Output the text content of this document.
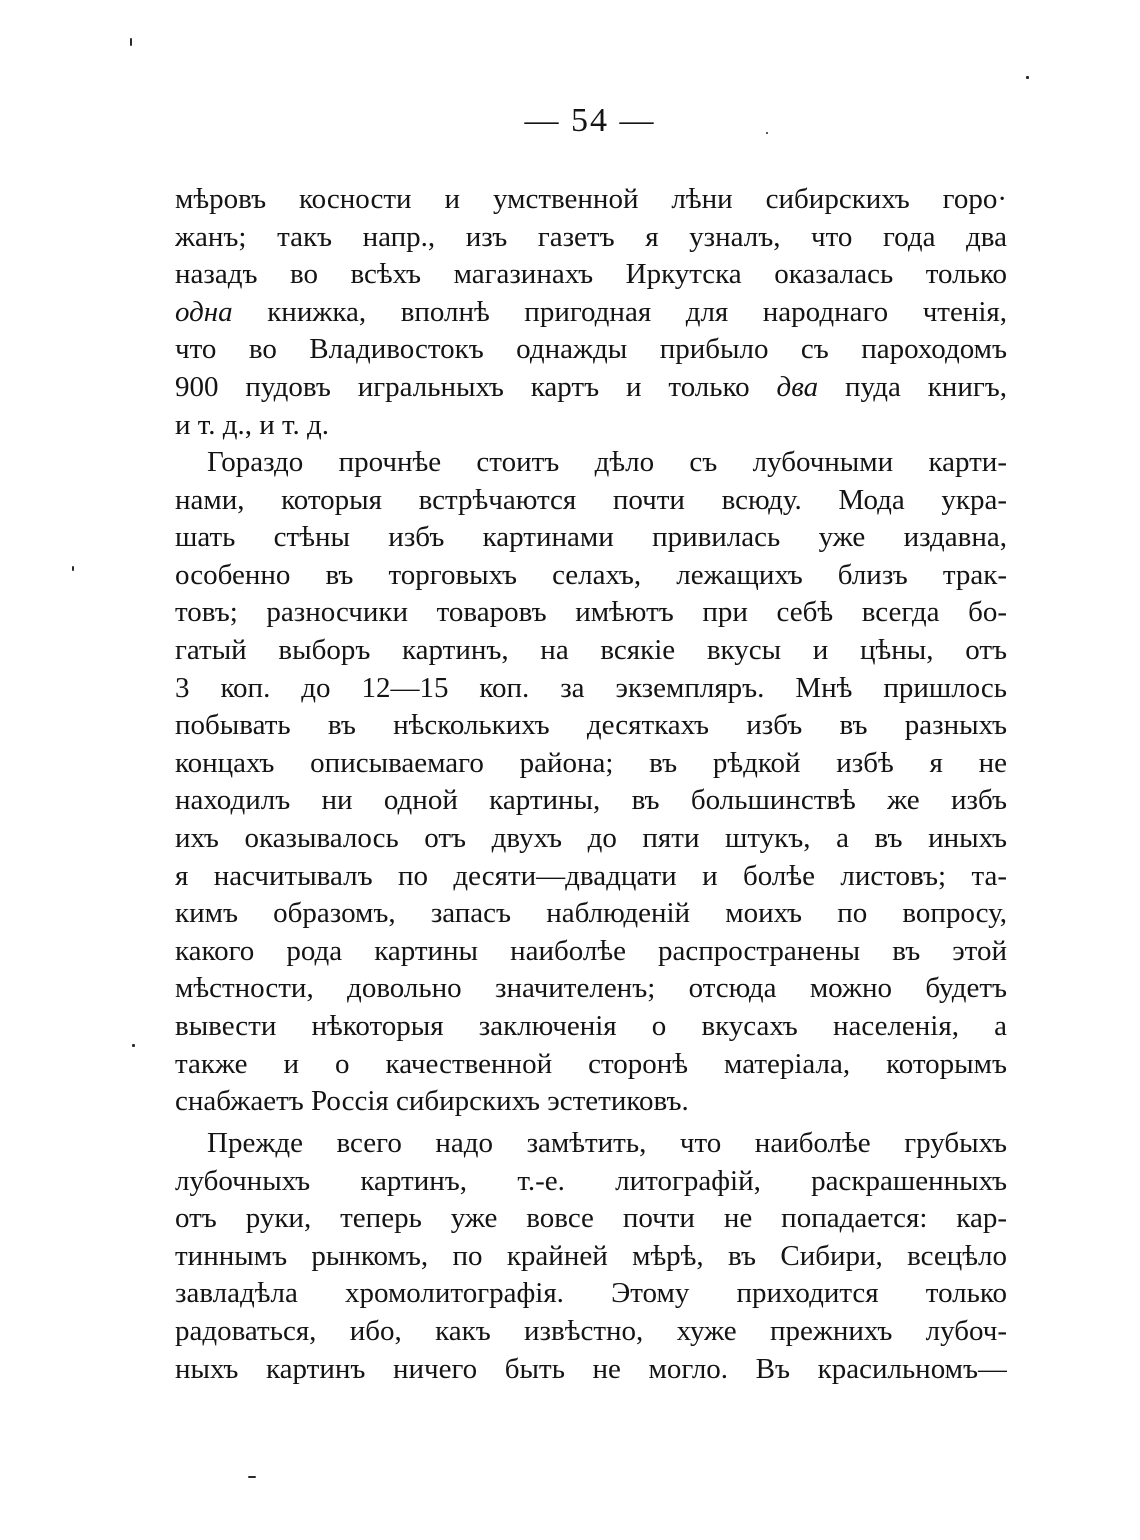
— 54 —
мѣровъ косности и умственной лѣни сибирскихъ горо·
жанъ; такъ напр., изъ газетъ я узналъ, что года два
назадъ во всѣхъ магазинахъ Иркутска оказалась только
одна книжка, вполнѣ пригодная для народнаго чтенія,
что во Владивостокъ однажды прибыло съ пароходомъ
900 пудовъ игральныхъ картъ и только два пуда книгъ,
и т. д., и т. д.
Гораздо прочнѣе стоитъ дѣло съ лубочными карти-
нами, которыя встрѣчаются почти всюду. Мода укра-
шать стѣны избъ картинами привилась уже издавна,
особенно въ торговыхъ селахъ, лежащихъ близъ трак-
товъ; разносчики товаровъ имѣютъ при себѣ всегда бо-
гатый выборъ картинъ, на всякіе вкусы и цѣны, отъ
3 коп. до 12—15 коп. за экземпляръ. Мнѣ пришлось
побывать въ нѣсколькихъ десяткахъ избъ въ разныхъ
концахъ описываемаго района; въ рѣдкой избѣ я не
находилъ ни одной картины, въ большинствѣ же избъ
ихъ оказывалось отъ двухъ до пяти штукъ, а въ иныхъ
я насчитывалъ по десяти—двадцати и болѣе листовъ; та-
кимъ образомъ, запасъ наблюденій моихъ по вопросу,
какого рода картины наиболѣе распространены въ этой
мѣстности, довольно значителенъ; отсюда можно будетъ
вывести нѣкоторыя заключенія о вкусахъ населенія, а
также и о качественной сторонѣ матеріала, которымъ
снабжаетъ Россія сибирскихъ эстетиковъ.
Прежде всего надо замѣтить, что наиболѣе грубыхъ
лубочныхъ картинъ, т.-е. литографій, раскрашенныхъ
отъ руки, теперь уже вовсе почти не попадается: кар-
тиннымъ рынкомъ, по крайней мѣрѣ, въ Сибири, всецѣло
завладѣла хромолитографія. Этому приходится только
радоваться, ибо, какъ извѣстно, хуже прежнихъ лубоч-
ныхъ картинъ ничего быть не могло. Въ красильномъ—
